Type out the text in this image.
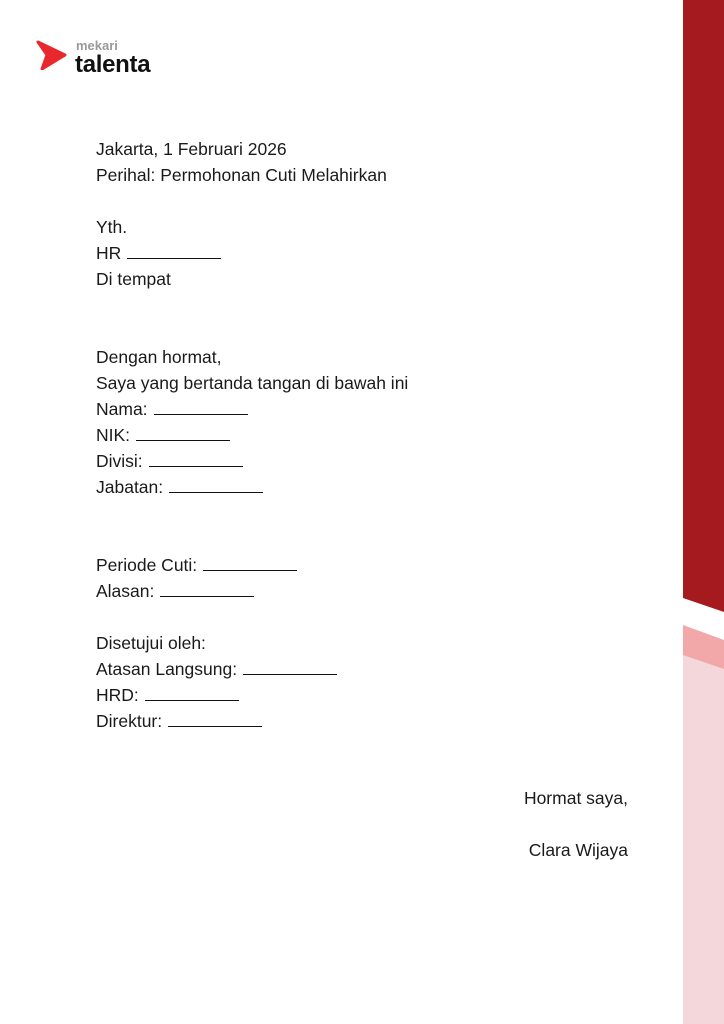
mekari
talenta
Jakarta, 1 Februari 2026
Perihal: Permohonan Cuti Melahirkan
Yth.
HR
Di tempat
Dengan hormat,
Saya yang bertanda tangan di bawah ini
Nama:
NIK:
Divisi:
Jabatan:
Periode Cuti:
Alasan:
Disetujui oleh:
Atasan Langsung:
HRD:
Direktur:
Hormat saya,
Clara Wijaya
